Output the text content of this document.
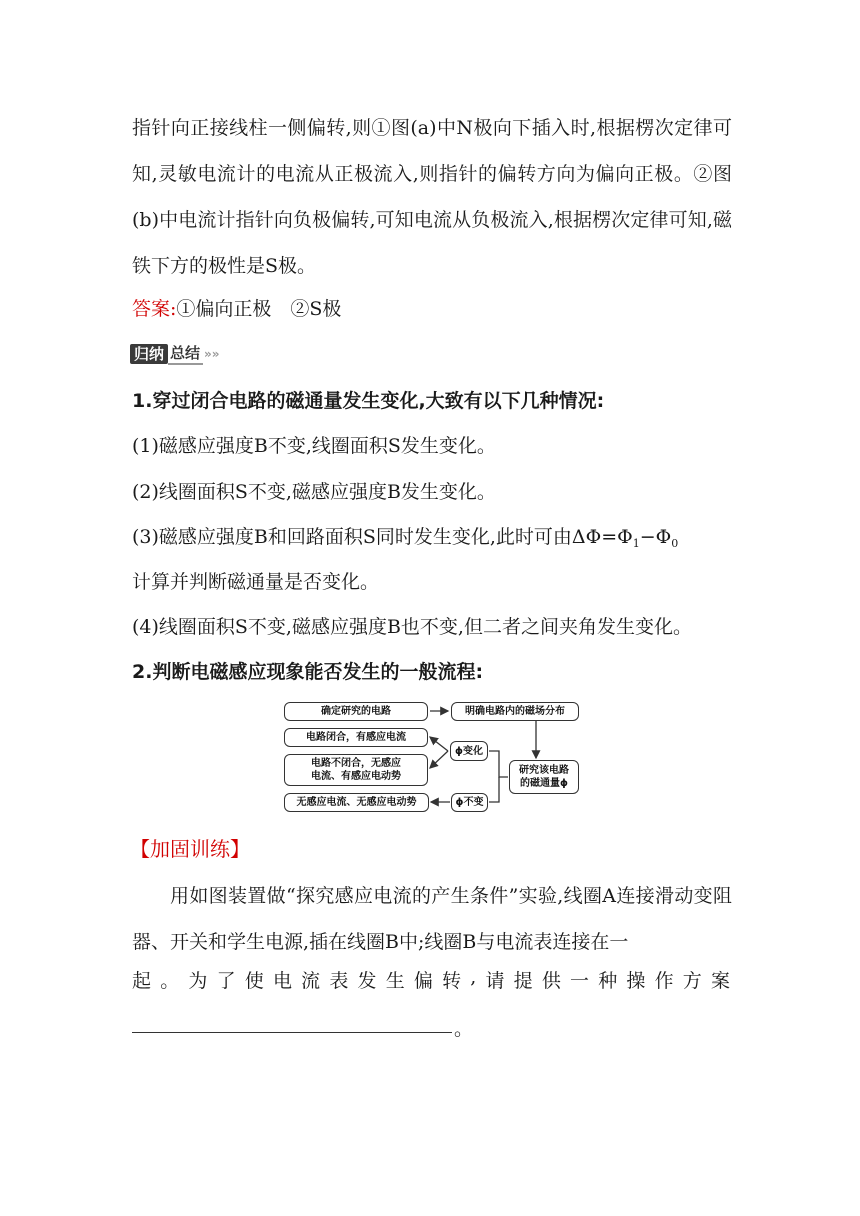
指针向正接线柱一侧偏转,则①图(a)中N极向下插入时,根据楞次定律可知,灵敏电流计的电流从正极流入,则指针的偏转方向为偏向正极。②图(b)中电流计指针向负极偏转,可知电流从负极流入,根据楞次定律可知,磁铁下方的极性是S极。

答案:①偏向正极　②S极
归纳 总结 »»
1.穿过闭合电路的磁通量发生变化,大致有以下几种情况:
(1)磁感应强度B不变,线圈面积S发生变化。
(2)线圈面积S不变,磁感应强度B发生变化。
(3)磁感应强度B和回路面积S同时发生变化,此时可由$\Delta\Phi=\Phi_1-\Phi_0$
计算并判断磁通量是否变化。
(4)线圈面积S不变,磁感应强度B也不变,但二者之间夹角发生变化。
2.判断电磁感应现象能否发生的一般流程:
确定研究的电路	明确电路内的磁场分布
电路闭合，有感应电流
ϕ变化
研究该电路
的磁通量ϕ
电路不闭合，无感应
电流、有感应电动势
无感应电流、无感应电动势	ϕ不变
【加固训练】

用如图装置做“探究感应电流的产生条件”实验,线圈A连接滑动变阻器、开关和学生电源,插在线圈B中;线圈B与电流表连接在一

起 。 为 了 使 电 流 表 发 生 偏 转 , 请 提 供 一 种 操 作 方 案
。
